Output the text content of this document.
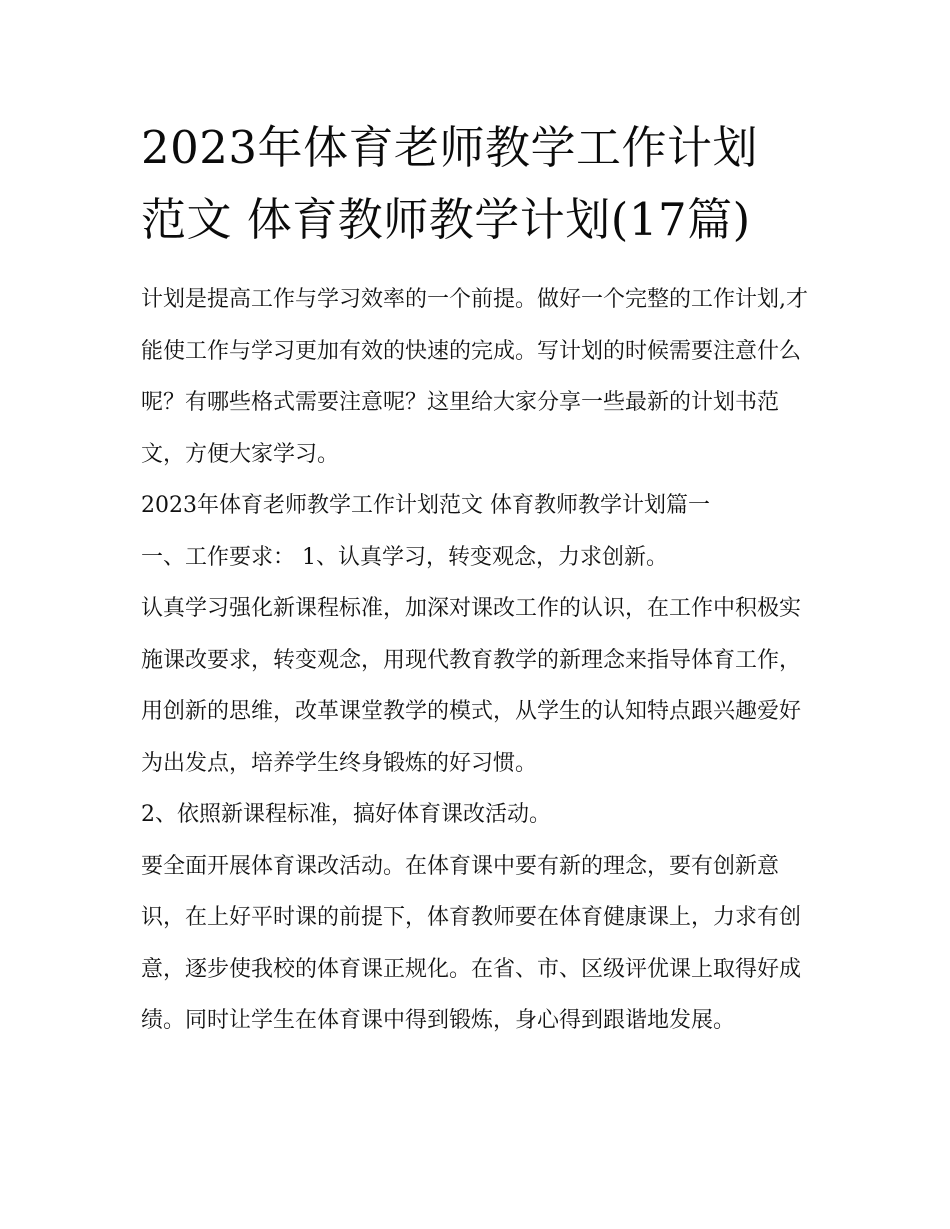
2023年体育老师教学工作计划
范文 体育教师教学计划(17篇)

计划是提高工作与学习效率的一个前提。做好一个完整的工作计划,才能使工作与学习更加有效的快速的完成。写计划的时候需要注意什么呢？有哪些格式需要注意呢？这里给大家分享一些最新的计划书范文，方便大家学习。

2023年体育老师教学工作计划范文 体育教师教学计划篇一

一、工作要求： 1、认真学习，转变观念，力求创新。

认真学习强化新课程标准，加深对课改工作的认识，在工作中积极实施课改要求，转变观念，用现代教育教学的新理念来指导体育工作，用创新的思维，改革课堂教学的模式，从学生的认知特点跟兴趣爱好为出发点，培养学生终身锻炼的好习惯。

2、依照新课程标准，搞好体育课改活动。

要全面开展体育课改活动。在体育课中要有新的理念，要有创新意识，在上好平时课的前提下，体育教师要在体育健康课上，力求有创意，逐步使我校的体育课正规化。在省、市、区级评优课上取得好成绩。同时让学生在体育课中得到锻炼，身心得到跟谐地发展。
